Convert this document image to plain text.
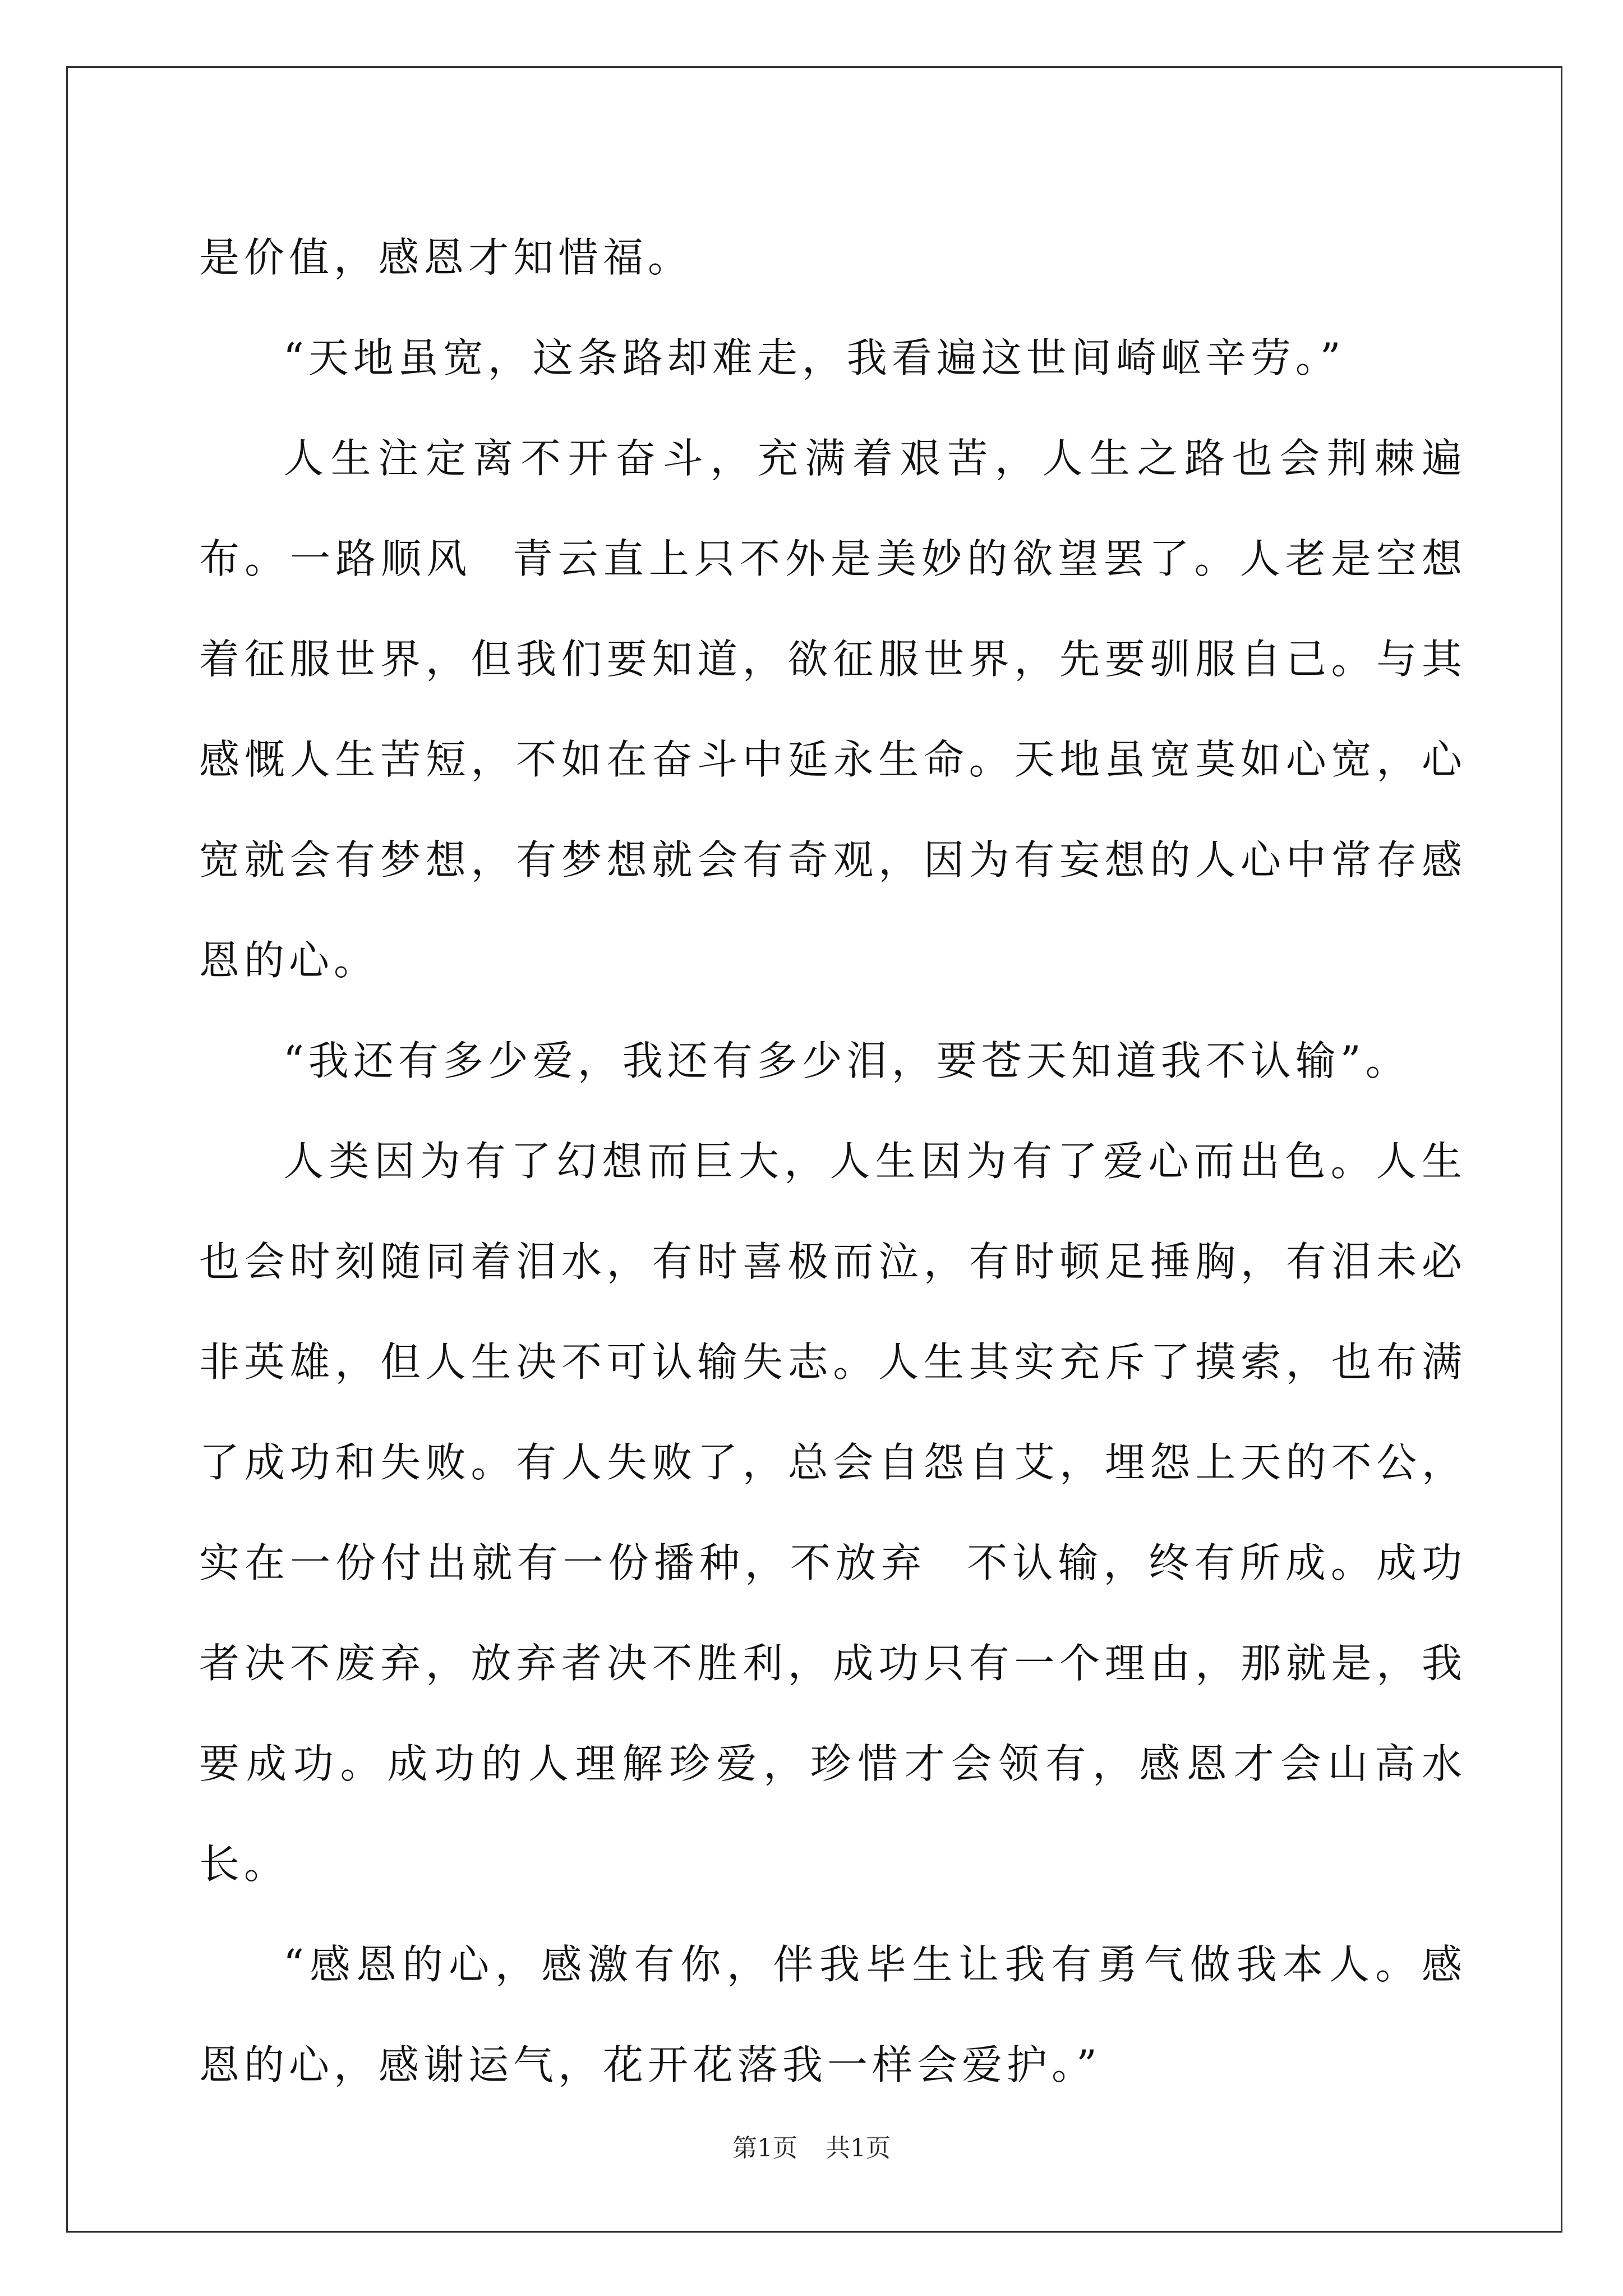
是价值，感恩才知惜福。

“天地虽宽，这条路却难走，我看遍这世间崎岖辛劳。”

人生注定离不开奋斗，充满着艰苦，人生之路也会荆棘遍布。一路顺风 青云直上只不外是美妙的欲望罢了。人老是空想着征服世界，但我们要知道，欲征服世界，先要驯服自己。与其感慨人生苦短，不如在奋斗中延永生命。天地虽宽莫如心宽，心宽就会有梦想，有梦想就会有奇观，因为有妄想的人心中常存感恩的心。

“我还有多少爱，我还有多少泪，要苍天知道我不认输”。

人类因为有了幻想而巨大，人生因为有了爱心而出色。人生也会时刻随同着泪水，有时喜极而泣，有时顿足捶胸，有泪未必非英雄，但人生决不可认输失志。人生其实充斥了摸索，也布满了成功和失败。有人失败了，总会自怨自艾，埋怨上天的不公，实在一份付出就有一份播种，不放弃 不认输，终有所成。成功者决不废弃，放弃者决不胜利，成功只有一个理由，那就是，我要成功。成功的人理解珍爱，珍惜才会领有，感恩才会山高水长。

“感恩的心，感激有你，伴我毕生让我有勇气做我本人。感恩的心，感谢运气，花开花落我一样会爱护。”

第1页 共1页
